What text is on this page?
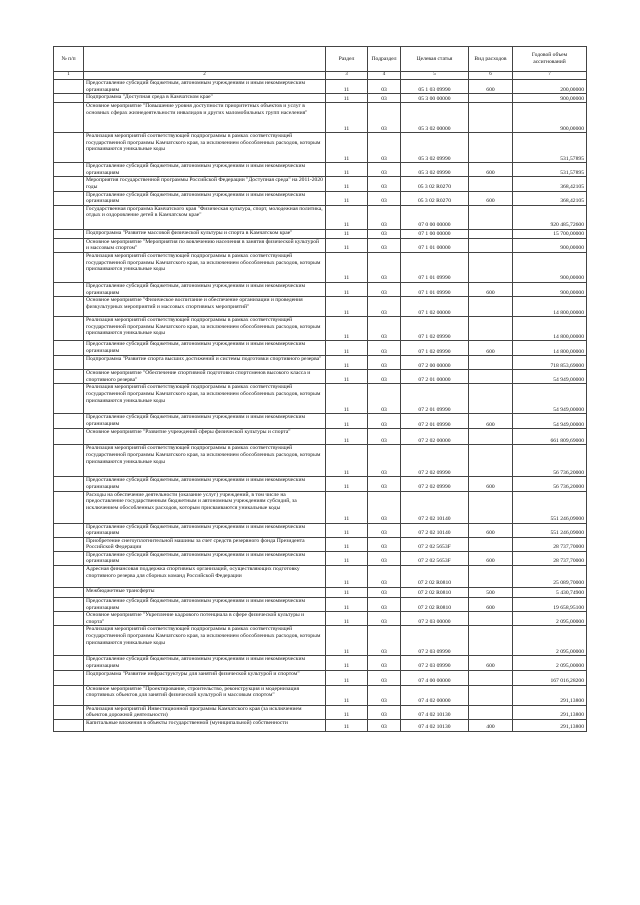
№ п/п		Раздел	Подраздел	Целевая статья	Вид расходов	Годовой объем ассигнований
1	2	3	4	5	6	7
	Предоставление субсидий бюджетным, автономным учреждениям и иным некоммерческим организациям	11	03	05 1 03 09990	600	200,00000
	Подпрограмма "Доступная среда в Камчатском крае"	11	03	05 3 00 00000		900,00000
	Основное мероприятие "Повышение уровня доступности приоритетных объектов и услуг в основных сферах жизнедеятельности инвалидов и других маломобильных групп населения"	11	03	05 3 02 00000		900,00000
	Реализация мероприятий соответствующей подпрограммы в рамках соответствующей государственной программы Камчатского края, за исключением обособленных расходов, которым присваиваются уникальные коды	11	03	05 3 02 09990		531,57895
	Предоставление субсидий бюджетным, автономным учреждениям и иным некоммерческим организациям	11	03	05 3 02 09990	600	531,57895
	Мероприятия государственной программы Российской Федерации "Доступная среда" на 2011-2020 годы	11	03	05 3 02 R0270		368,42105
	Предоставление субсидий бюджетным, автономным учреждениям и иным некоммерческим организациям	11	03	05 3 02 R0270	600	368,42105
	Государственная программа Камчатского края "Физическая культура, спорт, молодежная политика, отдых и оздоровление детей в Камчатском крае"	11	03	07 0 00 00000		920 485,72600
	Подпрограмма "Развитие массовой физической культуры и спорта в Камчатском крае"	11	03	07 1 00 00000		15 700,00000
	Основное мероприятие "Мероприятия по вовлечению населения в занятия физической культурой и массовым спортом"	11	03	07 1 01 00000		900,00000
	Реализация мероприятий соответствующей подпрограммы в рамках соответствующей государственной программы Камчатского края, за исключением обособленных расходов, которым присваиваются уникальные коды	11	03	07 1 01 09990		900,00000
	Предоставление субсидий бюджетным, автономным учреждениям и иным некоммерческим организациям	11	03	07 1 01 09990	600	900,00000
	Основное мероприятие "Физическое воспитание и обеспечение организации и проведения физкультурных мероприятий и массовых спортивных мероприятий"	11	03	07 1 02 00000		14 800,00000
	Реализация мероприятий соответствующей подпрограммы в рамках соответствующей государственной программы Камчатского края, за исключением обособленных расходов, которым присваиваются уникальные коды	11	03	07 1 02 09990		14 800,00000
	Предоставление субсидий бюджетным, автономным учреждениям и иным некоммерческим организациям	11	03	07 1 02 09990	600	14 800,00000
	Подпрограмма "Развитие спорта высших достижений и системы подготовки спортивного резерва"	11	03	07 2 00 00000		718 853,69000
	Основное мероприятие "Обеспечение спортивной подготовки спортсменов высокого класса и спортивного резерва"	11	03	07 2 01 00000		54 949,00000
	Реализация мероприятий соответствующей подпрограммы в рамках соответствующей государственной программы Камчатского края, за исключением обособленных расходов, которым присваиваются уникальные коды	11	03	07 2 01 09990		54 949,00000
	Предоставление субсидий бюджетным, автономным учреждениям и иным некоммерческим организациям	11	03	07 2 01 09990	600	54 949,00000
	Основное мероприятие "Развитие учреждений сферы физической культуры и спорта"	11	03	07 2 02 00000		661 809,69000
	Реализация мероприятий соответствующей подпрограммы в рамках соответствующей государственной программы Камчатского края, за исключением обособленных расходов, которым присваиваются уникальные коды	11	03	07 2 02 09990		56 736,20000
	Предоставление субсидий бюджетным, автономным учреждениям и иным некоммерческим организациям	11	03	07 2 02 09990	600	56 736,20000
	Расходы на обеспечение деятельности (оказание услуг) учреждений, в том числе на предоставление государственным бюджетным и автономным учреждениям субсидий, за исключением обособленных расходов, которым присваиваются уникальные коды	11	03	07 2 02 10140		551 246,09000
	Предоставление субсидий бюджетным, автономным учреждениям и иным некоммерческим организациям	11	03	07 2 02 10140	600	551 246,09000
	Приобретение снегоуплотнительной машины за счет средств резервного фонда Президента Российской Федерации	11	03	07 2 02 5653F		28 737,70000
	Предоставление субсидий бюджетным, автономным учреждениям и иным некоммерческим организациям	11	03	07 2 02 5653F	600	28 737,70000
	Адресная финансовая поддержка спортивных организаций, осуществляющих подготовку спортивного резерва для сборных команд Российской Федерации	11	03	07 2 02 R0810		25 089,70000
	Межбюджетные трансферты	11	03	07 2 02 R0810	500	5 430,74900
	Предоставление субсидий бюджетным, автономным учреждениям и иным некоммерческим организациям	11	03	07 2 02 R0810	600	19 658,95100
	Основное мероприятие "Укрепление кадрового потенциала в сфере физической культуры и спорта"	11	03	07 2 03 00000		2 095,00000
	Реализация мероприятий соответствующей подпрограммы в рамках соответствующей государственной программы Камчатского края, за исключением обособленных расходов, которым присваиваются уникальные коды	11	03	07 2 03 09990		2 095,00000
	Предоставление субсидий бюджетным, автономным учреждениям и иным некоммерческим организациям	11	03	07 2 03 09990	600	2 095,00000
	Подпрограмма "Развитие инфраструктуры для занятий физической культурой и спортом"	11	03	07 4 00 00000		167 016,28200
	Основное мероприятие "Проектирование, строительство, реконструкция и модернизация спортивных объектов для занятий физической культурой и массовым спортом"	11	03	07 4 02 00000		291,13800
	Реализация мероприятий Инвестиционной программы Камчатского края (за исключением объектов дорожной деятельности)	11	03	07 4 02 10130		291,13800
	Капитальные вложения в объекты государственной (муниципальной) собственности	11	03	07 4 02 10130	400	291,13800
